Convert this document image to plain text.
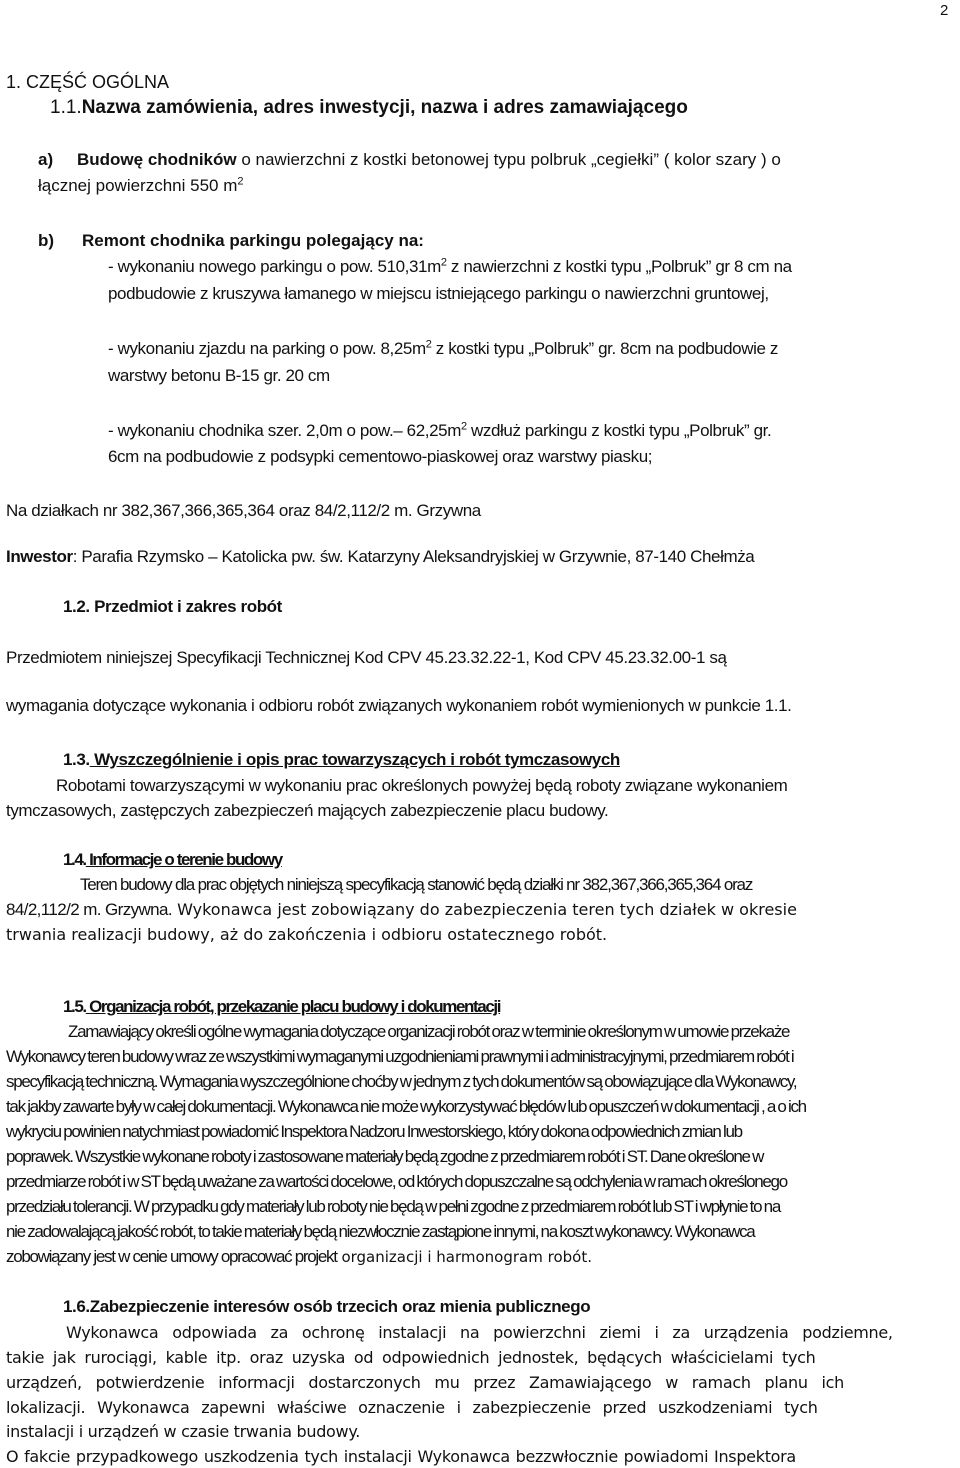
2
1. CZĘŚĆ OGÓLNA
1.1.Nazwa zamówienia, adres inwestycji, nazwa i adres zamawiającego
a) Budowę chodników o nawierzchni z kostki betonowej typu polbruk „cegiełki” ( kolor szary ) o
łącznej powierzchni 550 $m^2$
b) Remont chodnika parkingu polegający na:
- wykonaniu nowego parkingu o pow. $510,31m^2$ z nawierzchni z kostki typu „Polbruk” gr 8 cm na
podbudowie z kruszywa łamanego w miejscu istniejącego parkingu o nawierzchni gruntowej,
- wykonaniu zjazdu na parking o pow. $8,25m^2$ z kostki typu „Polbruk” gr. 8cm na podbudowie z
warstwy betonu B-15 gr. 20 cm
- wykonaniu chodnika szer. 2,0m o pow.– $62,25m^2$ wzdłuż parkingu z kostki typu „Polbruk” gr.
6cm na podbudowie z podsypki cementowo-piaskowej oraz warstwy piasku;
Na działkach nr 382,367,366,365,364 oraz 84/2,112/2 m. Grzywna
Inwestor: Parafia Rzymsko – Katolicka pw. św. Katarzyny Aleksandryjskiej w Grzywnie, 87-140 Chełmża
1.2. Przedmiot i zakres robót
Przedmiotem niniejszej Specyfikacji Technicznej Kod CPV 45.23.32.22-1, Kod CPV 45.23.32.00-1 są
wymagania dotyczące wykonania i odbioru robót związanych wykonaniem robót wymienionych w punkcie 1.1.
1.3. Wyszczególnienie i opis prac towarzyszących i robót tymczasowych
Robotami towarzyszącymi w wykonaniu prac określonych powyżej będą roboty związane wykonaniem
tymczasowych, zastępczych zabezpieczeń mających zabezpieczenie placu budowy.
1.4. Informacje o terenie budowy
Teren budowy dla prac objętych niniejszą specyfikacją stanowić będą działki nr 382,367,366,365,364 oraz
84/2,112/2 m. Grzywna. Wykonawca jest zobowiązany do zabezpieczenia teren tych działek w okresie
trwania realizacji budowy, aż do zakończenia i odbioru ostatecznego robót.
1.5. Organizacja robót, przekazanie placu budowy i dokumentacji
Zamawiający określi ogólne wymagania dotyczące organizacji robót oraz w terminie określonym w umowie przekaże
Wykonawcy teren budowy wraz ze wszystkimi wymaganymi uzgodnieniami prawnymi i administracyjnymi, przedmiarem robót i
specyfikacją techniczną. Wymagania wyszczególnione choćby w jednym z tych dokumentów są obowiązujące dla Wykonawcy,
tak jakby zawarte były w całej dokumentacji. Wykonawca nie może wykorzystywać błędów lub opuszczeń w dokumentacji , a o ich
wykryciu powinien natychmiast powiadomić Inspektora Nadzoru Inwestorskiego, który dokona odpowiednich zmian lub
poprawek. Wszystkie wykonane roboty i zastosowane materiały będą zgodne z przedmiarem robót i ST. Dane określone w
przedmiarze robót i w ST będą uważane za wartości docelowe, od których dopuszczalne są odchylenia w ramach określonego
przedziału tolerancji. W przypadku gdy materiały lub roboty nie będą w pełni zgodne z przedmiarem robót lub ST i wpłynie to na
nie zadowalającą jakość robót, to takie materiały będą niezwłocznie zastąpione innymi, na koszt wykonawcy. Wykonawca
zobowiązany jest w cenie umowy opracować projekt organizacji i harmonogram robót.
1.6.Zabezpieczenie interesów osób trzecich oraz mienia publicznego
Wykonawca odpowiada za ochronę instalacji na powierzchni ziemi i za urządzenia podziemne,
takie jak rurociągi, kable itp. oraz uzyska od odpowiednich jednostek, będących właścicielami tych
urządzeń, potwierdzenie informacji dostarczonych mu przez Zamawiającego w ramach planu ich
lokalizacji. Wykonawca zapewni właściwe oznaczenie i zabezpieczenie przed uszkodzeniami tych
instalacji i urządzeń w czasie trwania budowy.
O fakcie przypadkowego uszkodzenia tych instalacji Wykonawca bezzwłocznie powiadomi Inspektora
